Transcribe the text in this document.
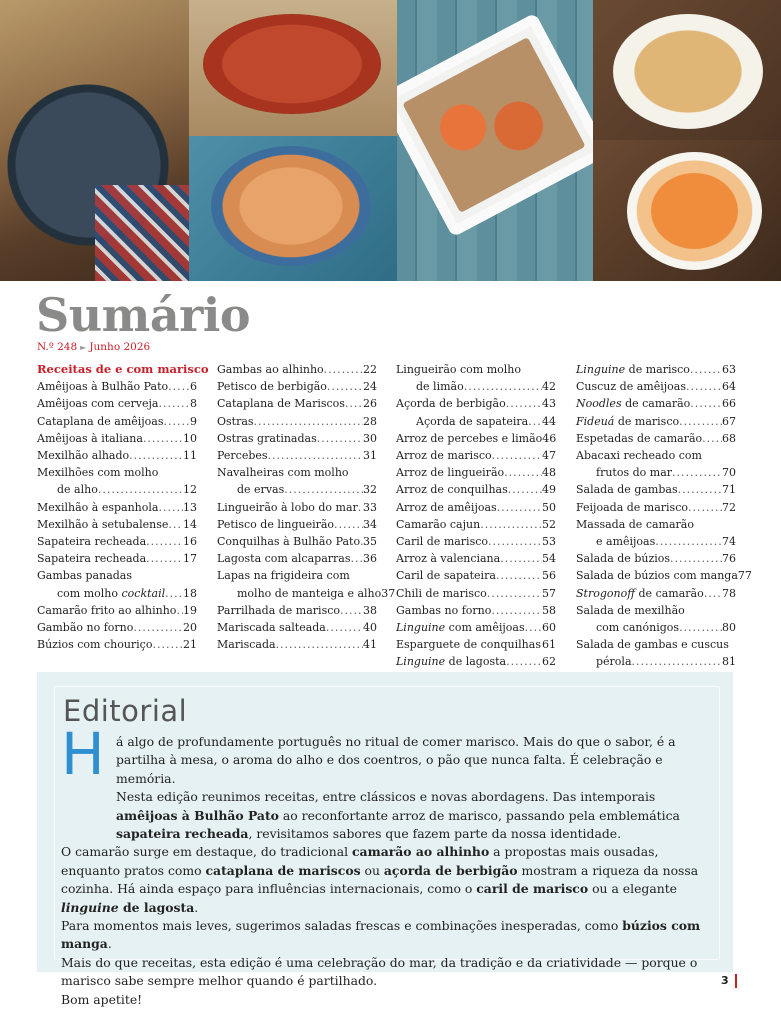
Sumário
N.º 248 ► Junho 2026
Receitas de e com marisco
Amêijoas à Bulhão Pato ..... 6
Amêijoas com cerveja .....	8
Cataplana de amêijoas ..... 9
Amêijoas à italiana .....	10
Mexilhão alhado .....	11
Mexilhões com molho
de alho .....	12
Mexilhão à espanhola ..... 13
Mexilhão à setubalense ..... 14
Sapateira recheada .....	16
Sapateira recheada .....	17
Gambas panadas
com molho cocktail ..... 18
Camarão frito ao alhinho ..... 19
Gambão no forno .....	20
Búzios com chouriço .....	21
Gambas ao alhinho .....	22
Petisco de berbigão .....	24
Cataplana de Mariscos ..... 26
Ostras .....	28
Ostras gratinadas .....	30
Percebes .....	31
Navalheiras com molho
de ervas .....	32
Lingueirão à lobo do mar ..... 33
Petisco de lingueirão .....	34
Conquilhas à Bulhão Pato ..... 35
Lagosta com alcaparras ..... 36
Lapas na frigideira com
molho de manteiga e alho 37
Parrilhada de marisco ..... 38
Mariscada salteada .....	40
Mariscada .....	41
Lingueirão com molho
de limão .....	42
Açorda de berbigão .....	43
Açorda de sapateira ..... 44
Arroz de percebes e limão 46
Arroz de marisco .....	47
Arroz de lingueirão .....	48
Arroz de conquilhas .....	49
Arroz de amêijoas .....	50
Camarão cajun .....	52
Caril de marisco .....	53
Arroz à valenciana .....	54
Caril de sapateira .....	56
Chili de marisco .....	57
Gambas no forno .....	58
Linguine com amêijoas ..... 60
Esparguete de conquilhas ..... 61
Linguine de lagosta .....	62
Linguine de marisco .....	63
Cuscuz de amêijoas .....	64
Noodles de camarão .....	66
Fideuá de marisco .....	67
Espetadas de camarão ..... 68
Abacaxi recheado com
frutos do mar .....	70
Salada de gambas .....	71
Feijoada de marisco .....	72
Massada de camarão
e amêijoas .....	74
Salada de búzios .....	76
Salada de búzios com manga 77
Strogonoff de camarão ..... 78
Salada de mexilhão
com canónigos .....	80
Salada de gambas e cuscus
pérola .....	81
Editorial
H á algo de profundamente português no ritual de comer marisco. Mais do que o sabor, é a partilha à mesa, o aroma do alho e dos coentros, o pão que nunca falta. É celebração e memória.

Nesta edição reunimos receitas, entre clássicos e novas abordagens. Das intemporais amêijoas à Bulhão Pato ao reconfortante arroz de marisco, passando pela emblemática sapateira recheada, revisitamos sabores que fazem parte da nossa identidade.

O camarão surge em destaque, do tradicional camarão ao alhinho a propostas mais ousadas, enquanto pratos como cataplana de mariscos ou açorda de berbigão mostram a riqueza da nossa cozinha. Há ainda espaço para influências internacionais, como o caril de marisco ou a elegante linguine de lagosta.

Para momentos mais leves, sugerimos saladas frescas e combinações inesperadas, como búzios com manga.

Mais do que receitas, esta edição é uma celebração do mar, da tradição e da criatividade — porque o marisco sabe sempre melhor quando é partilhado.

Bom apetite!

3
